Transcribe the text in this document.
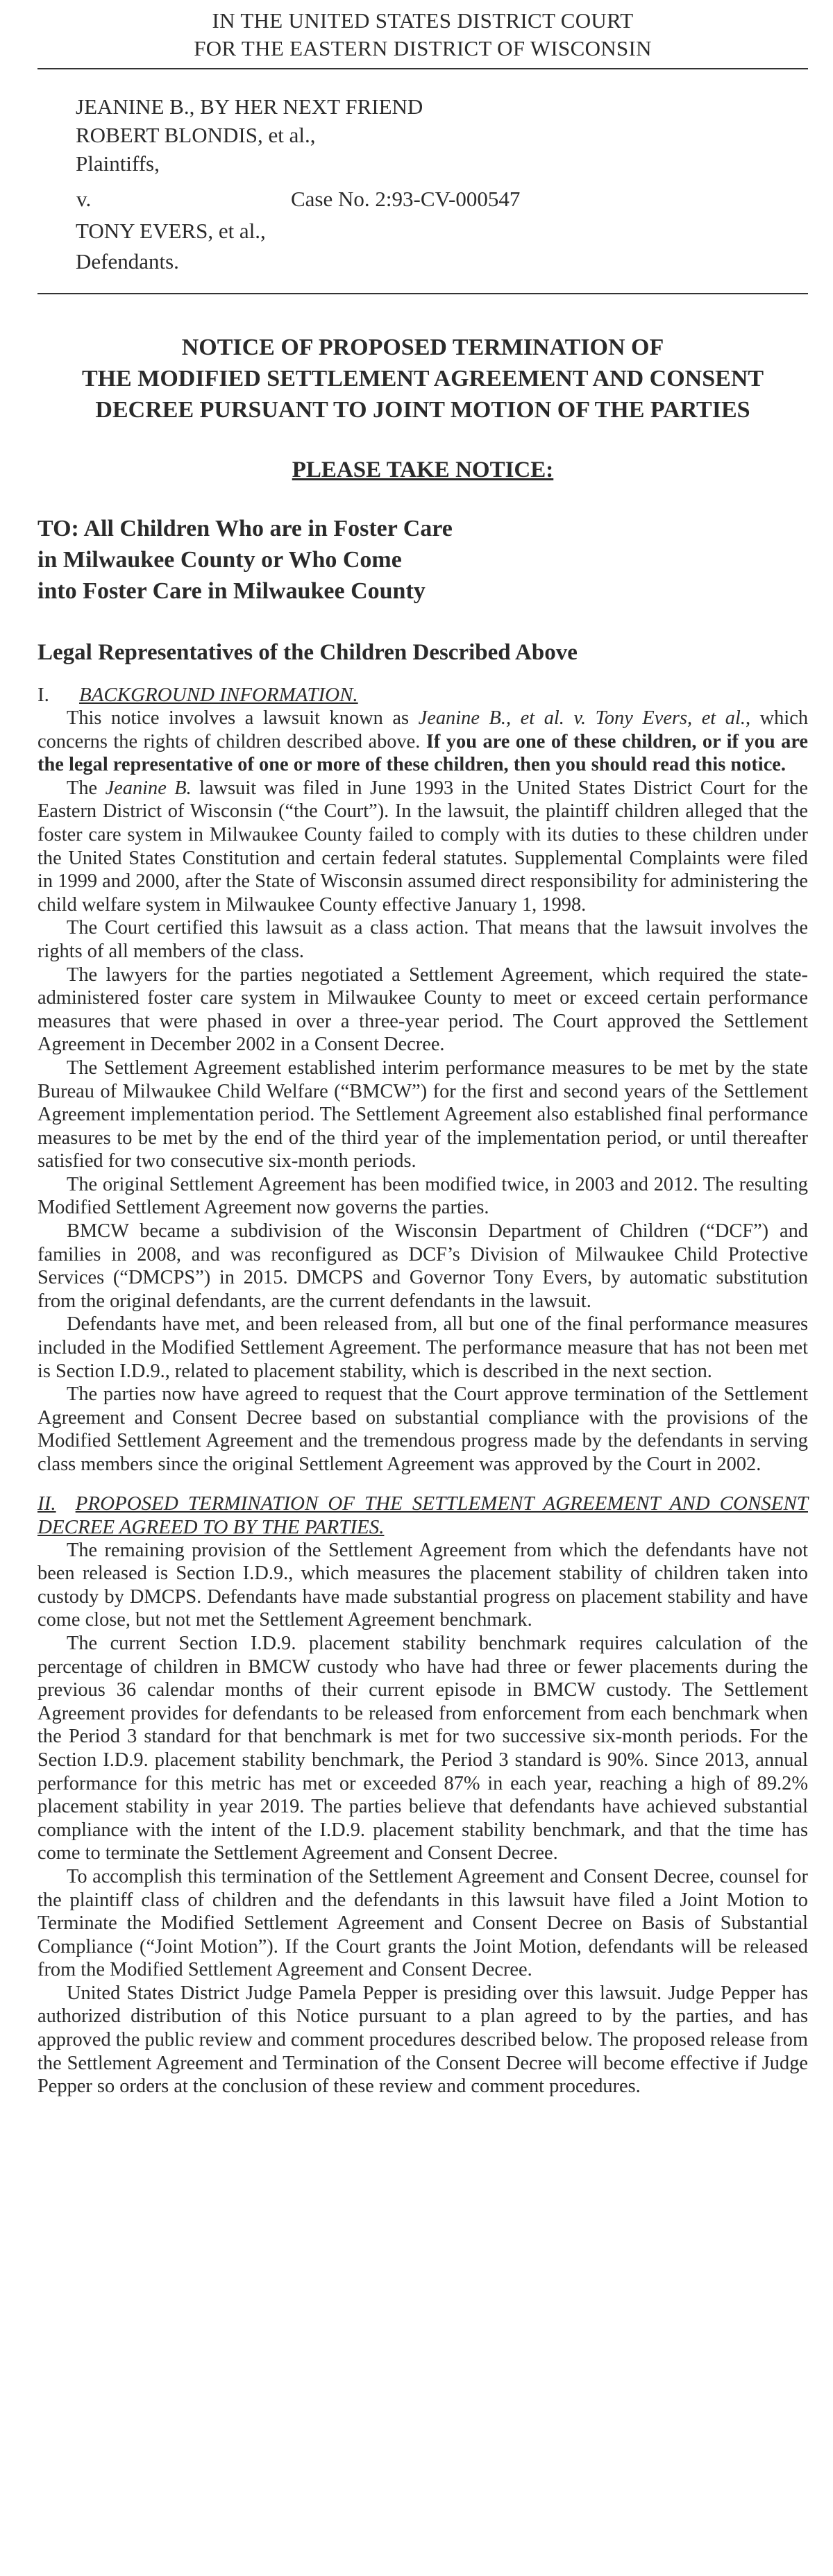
IN THE UNITED STATES DISTRICT COURT
FOR THE EASTERN DISTRICT OF WISCONSIN
JEANINE B., BY HER NEXT FRIEND
ROBERT BLONDIS, et al.,
Plaintiffs,
v.	Case No. 2:93-CV-000547
TONY EVERS, et al.,
Defendants.
NOTICE OF PROPOSED TERMINATION OF
THE MODIFIED SETTLEMENT AGREEMENT AND CONSENT
DECREE PURSUANT TO JOINT MOTION OF THE PARTIES
PLEASE TAKE NOTICE:
TO: All Children Who are in Foster Care
in Milwaukee County or Who Come
into Foster Care in Milwaukee County
Legal Representatives of the Children Described Above
I. BACKGROUND INFORMATION.

This notice involves a lawsuit known as Jeanine B., et al. v. Tony Evers, et al., which concerns the rights of children described above. If you are one of these children, or if you are the legal representative of one or more of these children, then you should read this notice.

The Jeanine B. lawsuit was filed in June 1993 in the United States District Court for the Eastern District of Wisconsin (“the Court”). In the lawsuit, the plaintiff children alleged that the foster care system in Milwaukee County failed to comply with its duties to these children under the United States Constitution and certain federal statutes. Supplemental Complaints were filed in 1999 and 2000, after the State of Wisconsin assumed direct responsibility for administering the child welfare system in Milwaukee County effective January 1, 1998.

The Court certified this lawsuit as a class action. That means that the lawsuit involves the rights of all members of the class.

The lawyers for the parties negotiated a Settlement Agreement, which required the state-administered foster care system in Milwaukee County to meet or exceed certain performance measures that were phased in over a three-year period. The Court approved the Settlement Agreement in December 2002 in a Consent Decree.

The Settlement Agreement established interim performance measures to be met by the state Bureau of Milwaukee Child Welfare (“BMCW”) for the first and second years of the Settlement Agreement implementation period. The Settlement Agreement also established final performance measures to be met by the end of the third year of the implementation period, or until thereafter satisfied for two consecutive six-month periods.

The original Settlement Agreement has been modified twice, in 2003 and 2012. The resulting Modified Settlement Agreement now governs the parties.

BMCW became a subdivision of the Wisconsin Department of Children (“DCF”) and families in 2008, and was reconfigured as DCF’s Division of Milwaukee Child Protective Services (“DMCPS”) in 2015. DMCPS and Governor Tony Evers, by automatic substitution from the original defendants, are the current defendants in the lawsuit.

Defendants have met, and been released from, all but one of the final performance measures included in the Modified Settlement Agreement. The performance measure that has not been met is Section I.D.9., related to placement stability, which is described in the next section.

The parties now have agreed to request that the Court approve termination of the Settlement Agreement and Consent Decree based on substantial compliance with the provisions of the Modified Settlement Agreement and the tremendous progress made by the defendants in serving class members since the original Settlement Agreement was approved by the Court in 2002.

II. PROPOSED TERMINATION OF THE SETTLEMENT AGREEMENT AND CONSENT DECREE AGREED TO BY THE PARTIES.

The remaining provision of the Settlement Agreement from which the defendants have not been released is Section I.D.9., which measures the placement stability of children taken into custody by DMCPS. Defendants have made substantial progress on placement stability and have come close, but not met the Settlement Agreement benchmark.

The current Section I.D.9. placement stability benchmark requires calculation of the percentage of children in BMCW custody who have had three or fewer placements during the previous 36 calendar months of their current episode in BMCW custody. The Settlement Agreement provides for defendants to be released from enforcement from each benchmark when the Period 3 standard for that benchmark is met for two successive six-month periods. For the Section I.D.9. placement stability benchmark, the Period 3 standard is 90%. Since 2013, annual performance for this metric has met or exceeded 87% in each year, reaching a high of 89.2% placement stability in year 2019. The parties believe that defendants have achieved substantial compliance with the intent of the I.D.9. placement stability benchmark, and that the time has come to terminate the Settlement Agreement and Consent Decree.

To accomplish this termination of the Settlement Agreement and Consent Decree, counsel for the plaintiff class of children and the defendants in this lawsuit have filed a Joint Motion to Terminate the Modified Settlement Agreement and Consent Decree on Basis of Substantial Compliance (“Joint Motion”). If the Court grants the Joint Motion, defendants will be released from the Modified Settlement Agreement and Consent Decree.

United States District Judge Pamela Pepper is presiding over this lawsuit. Judge Pepper has authorized distribution of this Notice pursuant to a plan agreed to by the parties, and has approved the public review and comment procedures described below. The proposed release from the Settlement Agreement and Termination of the Consent Decree will become effective if Judge Pepper so orders at the conclusion of these review and comment procedures.
